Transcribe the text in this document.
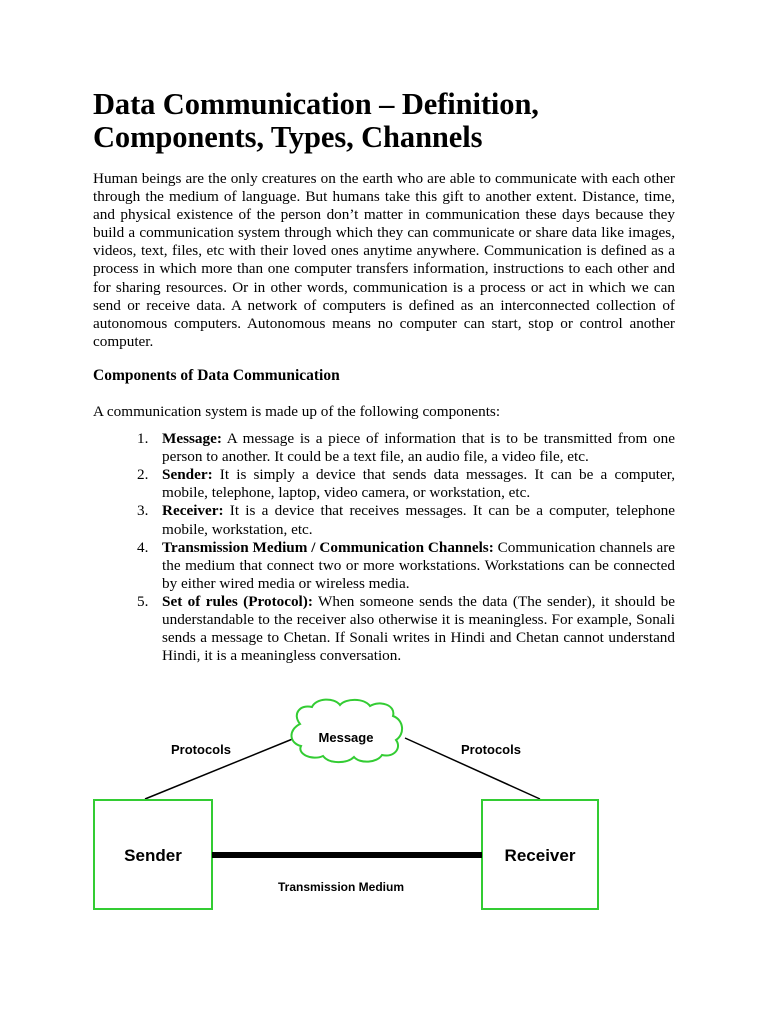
Data Communication – Definition, Components, Types, Channels

Human beings are the only creatures on the earth who are able to communicate with each other through the medium of language. But humans take this gift to another extent. Distance, time, and physical existence of the person don’t matter in communication these days because they build a communication system through which they can communicate or share data like images, videos, text, files, etc with their loved ones anytime anywhere. Communication is defined as a process in which more than one computer transfers information, instructions to each other and for sharing resources. Or in other words, communication is a process or act in which we can send or receive data. A network of computers is defined as an interconnected collection of autonomous computers. Autonomous means no computer can start, stop or control another computer.

Components of Data Communication

A communication system is made up of the following components:

1. Message: A message is a piece of information that is to be transmitted from one person to another. It could be a text file, an audio file, a video file, etc.
2. Sender: It is simply a device that sends data messages. It can be a computer, mobile, telephone, laptop, video camera, or workstation, etc.
3. Receiver: It is a device that receives messages. It can be a computer, telephone mobile, workstation, etc.
4. Transmission Medium / Communication Channels: Communication channels are the medium that connect two or more workstations. Workstations can be connected by either wired media or wireless media.
5. Set of rules (Protocol): When someone sends the data (The sender), it should be understandable to the receiver also otherwise it is meaningless. For example, Sonali sends a message to Chetan. If Sonali writes in Hindi and Chetan cannot understand Hindi, it is a meaningless conversation.
Message
Protocols	Protocols
Sender	Receiver
Transmission Medium
